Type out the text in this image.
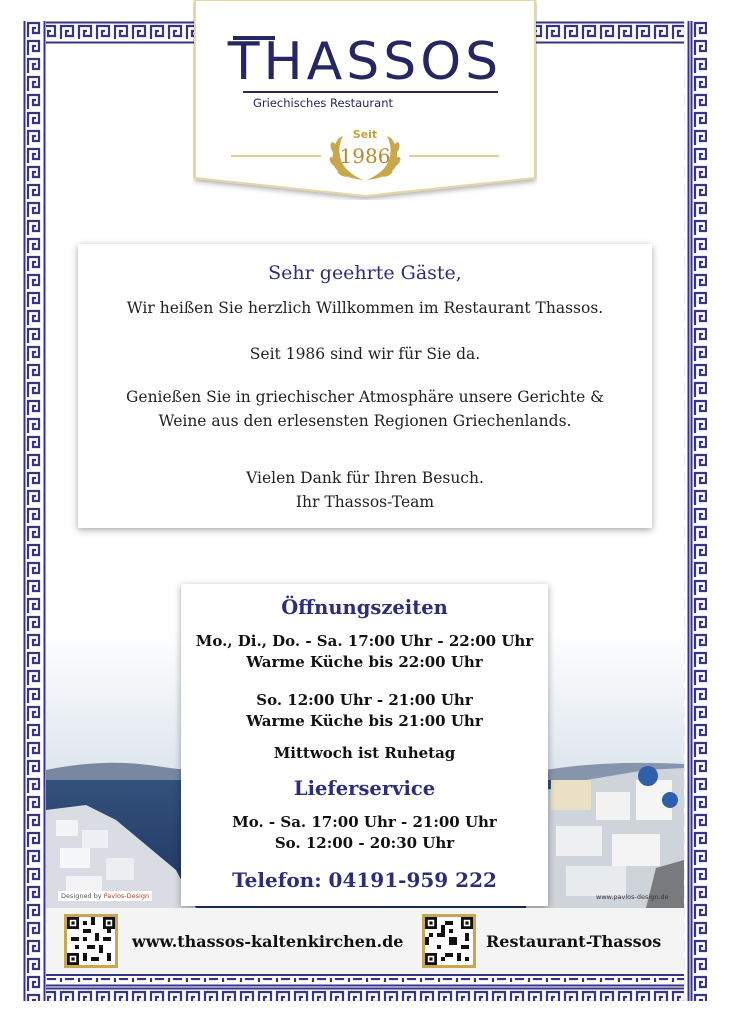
THASSOS
Griechisches Restaurant
Seit
1986
Sehr geehrte Gäste,
Wir heißen Sie herzlich Willkommen im Restaurant Thassos.
Seit 1986 sind wir für Sie da.
Genießen Sie in griechischer Atmosphäre unsere Gerichte &
Weine aus den erlesensten Regionen Griechenlands.
Vielen Dank für Ihren Besuch.
Ihr Thassos-Team
Öffnungszeiten
Mo., Di., Do. - Sa. 17:00 Uhr - 22:00 Uhr
Warme Küche bis 22:00 Uhr
So. 12:00 Uhr - 21:00 Uhr
Warme Küche bis 21:00 Uhr
Mittwoch ist Ruhetag
Lieferservice
Mo. - Sa. 17:00 Uhr - 21:00 Uhr
So. 12:00 - 20:30 Uhr
Telefon: 04191-959 222
Designed by Pavlos-Design	www.pavlos-design.de
www.thassos-kaltenkirchen.de	Restaurant-Thassos
